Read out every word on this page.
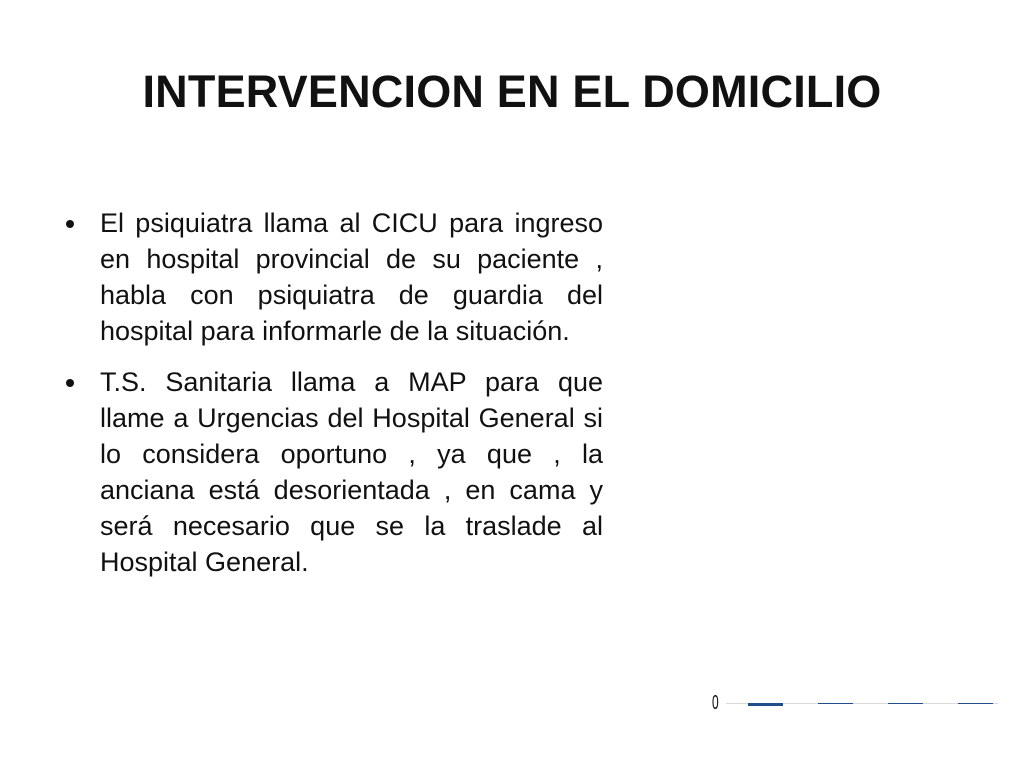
INTERVENCION EN EL DOMICILIO
El psiquiatra llama al CICU para ingreso en hospital provincial de su paciente , habla con psiquiatra de guardia del hospital para informarle de la situación.
T.S. Sanitaria llama a MAP para que llame a Urgencias del Hospital General si lo considera oportuno , ya que , la anciana está desorientada , en cama y será necesario que se la traslade al Hospital General.
0
